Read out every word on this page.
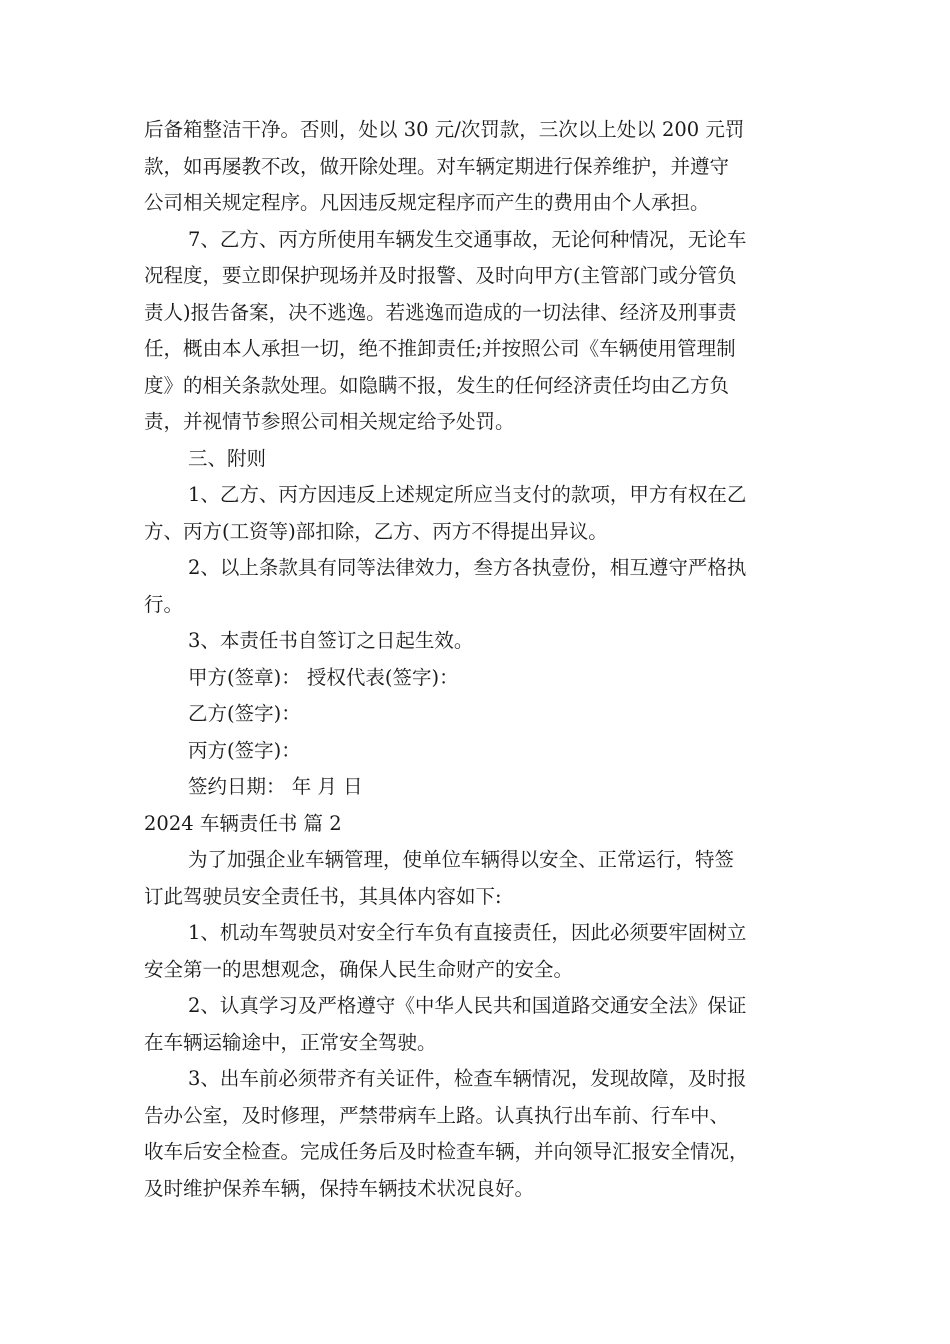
后备箱整洁干净。否则，处以 30 元/次罚款，三次以上处以 200 元罚
款，如再屡教不改，做开除处理。对车辆定期进行保养维护，并遵守
公司相关规定程序。凡因违反规定程序而产生的费用由个人承担。
7、乙方、丙方所使用车辆发生交通事故，无论何种情况，无论车
况程度，要立即保护现场并及时报警、及时向甲方(主管部门或分管负
责人)报告备案，决不逃逸。若逃逸而造成的一切法律、经济及刑事责
任，概由本人承担一切，绝不推卸责任;并按照公司《车辆使用管理制
度》的相关条款处理。如隐瞒不报，发生的任何经济责任均由乙方负
责，并视情节参照公司相关规定给予处罚。
三、附则
1、乙方、丙方因违反上述规定所应当支付的款项，甲方有权在乙
方、丙方(工资等)部扣除，乙方、丙方不得提出异议。
2、以上条款具有同等法律效力，叁方各执壹份，相互遵守严格执
行。
3、本责任书自签订之日起生效。
甲方(签章)： 授权代表(签字)：
乙方(签字)：
丙方(签字)：
签约日期： 年 月 日
2024 车辆责任书 篇 2
为了加强企业车辆管理，使单位车辆得以安全、正常运行，特签
订此驾驶员安全责任书，其具体内容如下:
1、机动车驾驶员对安全行车负有直接责任，因此必须要牢固树立
安全第一的思想观念，确保人民生命财产的安全。
2、认真学习及严格遵守《中华人民共和国道路交通安全法》保证
在车辆运输途中，正常安全驾驶。
3、出车前必须带齐有关证件，检查车辆情况，发现故障，及时报
告办公室，及时修理，严禁带病车上路。认真执行出车前、行车中、
收车后安全检查。完成任务后及时检查车辆，并向领导汇报安全情况，
及时维护保养车辆，保持车辆技术状况良好。
